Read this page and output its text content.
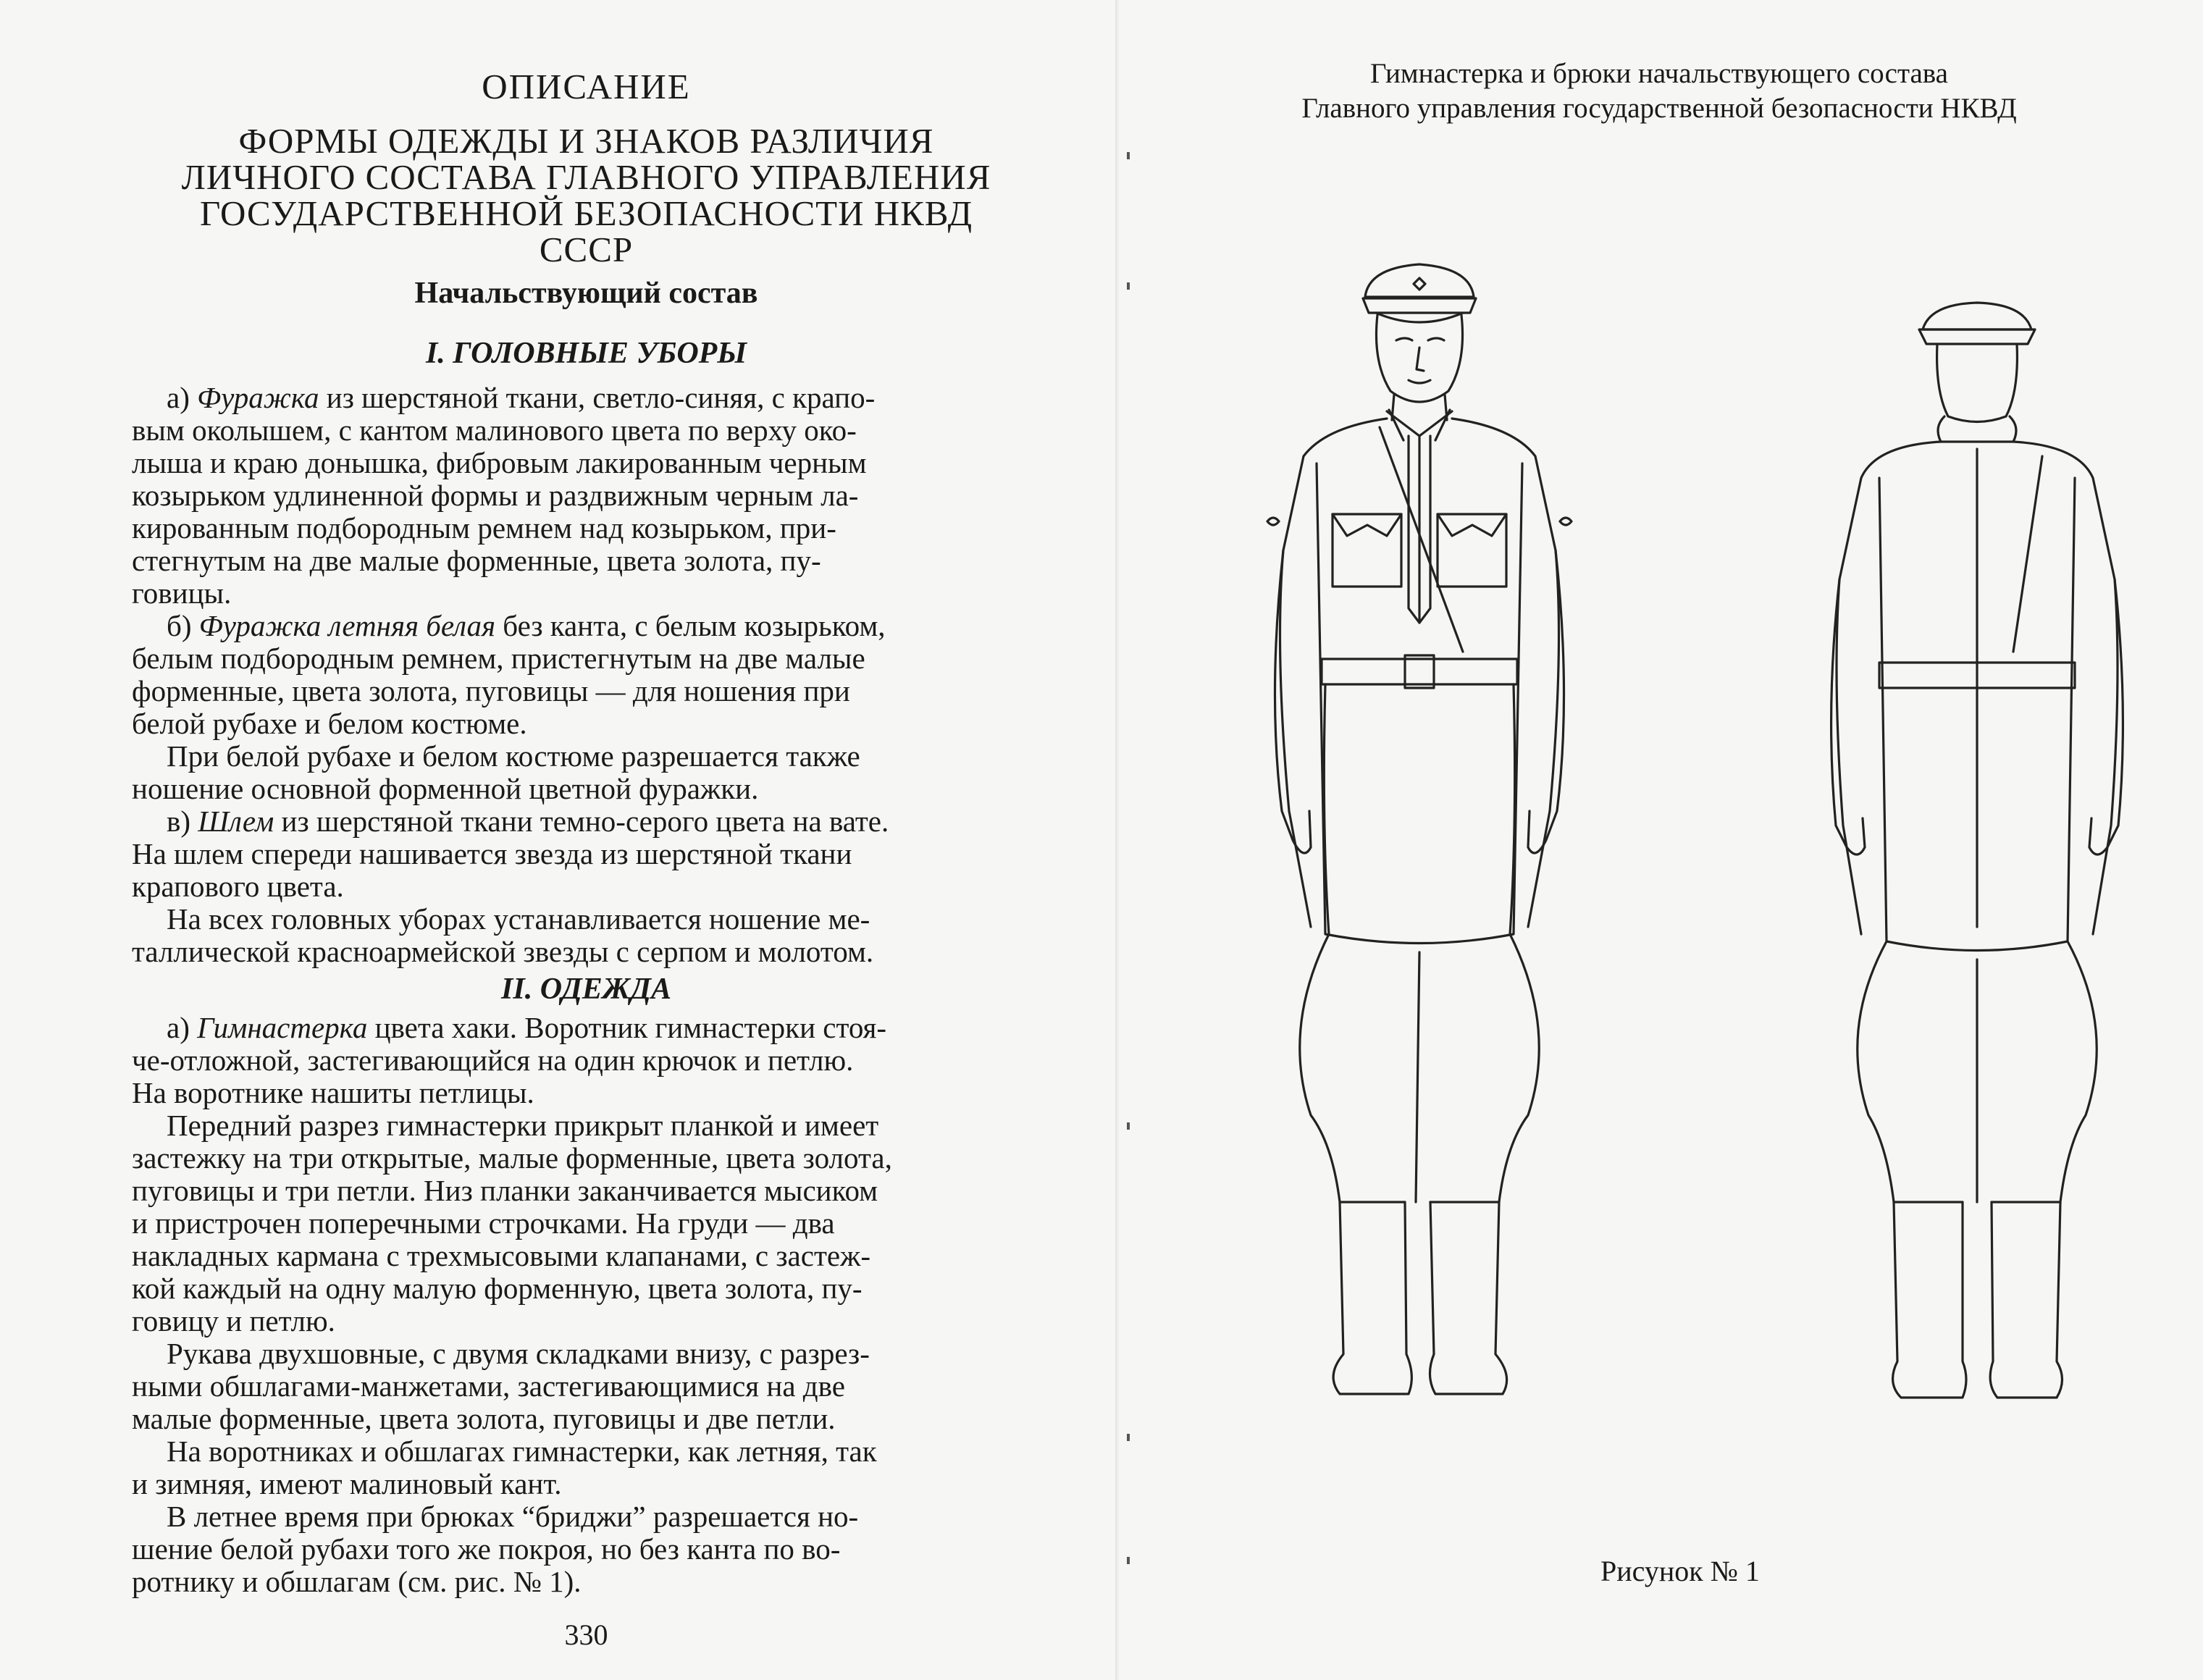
ОПИСАНИЕ
ФОРМЫ ОДЕЖДЫ И ЗНАКОВ РАЗЛИЧИЯ
ЛИЧНОГО СОСТАВА ГЛАВНОГО УПРАВЛЕНИЯ
ГОСУДАРСТВЕННОЙ БЕЗОПАСНОСТИ НКВД
СССР
Начальствующий состав
I. ГОЛОВНЫЕ УБОРЫ
а) Фуражка из шерстяной ткани, светло-синяя, с крапо-
вым околышем, с кантом малинового цвета по верху око-
лыша и краю донышка, фибровым лакированным черным
козырьком удлиненной формы и раздвижным черным ла-
кированным подбородным ремнем над козырьком, при-
стегнутым на две малые форменные, цвета золота, пу-
говицы.
б) Фуражка летняя белая без канта, с белым козырьком,
белым подбородным ремнем, пристегнутым на две малые
форменные, цвета золота, пуговицы — для ношения при
белой рубахе и белом костюме.
При белой рубахе и белом костюме разрешается также
ношение основной форменной цветной фуражки.
в) Шлем из шерстяной ткани темно-серого цвета на вате.
На шлем спереди нашивается звезда из шерстяной ткани
крапового цвета.
На всех головных уборах устанавливается ношение ме-
таллической красноармейской звезды с серпом и молотом.
II. ОДЕЖДА
а) Гимнастерка цвета хаки. Воротник гимнастерки стоя-
че-отложной, застегивающийся на один крючок и петлю.
На воротнике нашиты петлицы.
Передний разрез гимнастерки прикрыт планкой и имеет
застежку на три открытые, малые форменные, цвета золота,
пуговицы и три петли. Низ планки заканчивается мысиком
и пристрочен поперечными строчками. На груди — два
накладных кармана с трехмысовыми клапанами, с застеж-
кой каждый на одну малую форменную, цвета золота, пу-
говицу и петлю.
Рукава двухшовные, с двумя складками внизу, с разрез-
ными обшлагами-манжетами, застегивающимися на две
малые форменные, цвета золота, пуговицы и две петли.
На воротниках и обшлагах гимнастерки, как летняя, так
и зимняя, имеют малиновый кант.
В летнее время при брюках “бриджи” разрешается но-
шение белой рубахи того же покроя, но без канта по во-
ротнику и обшлагам (см. рис. № 1).
330
Гимнастерка и брюки начальствующего состава
Главного управления государственной безопасности НКВД
Рисунок № 1
